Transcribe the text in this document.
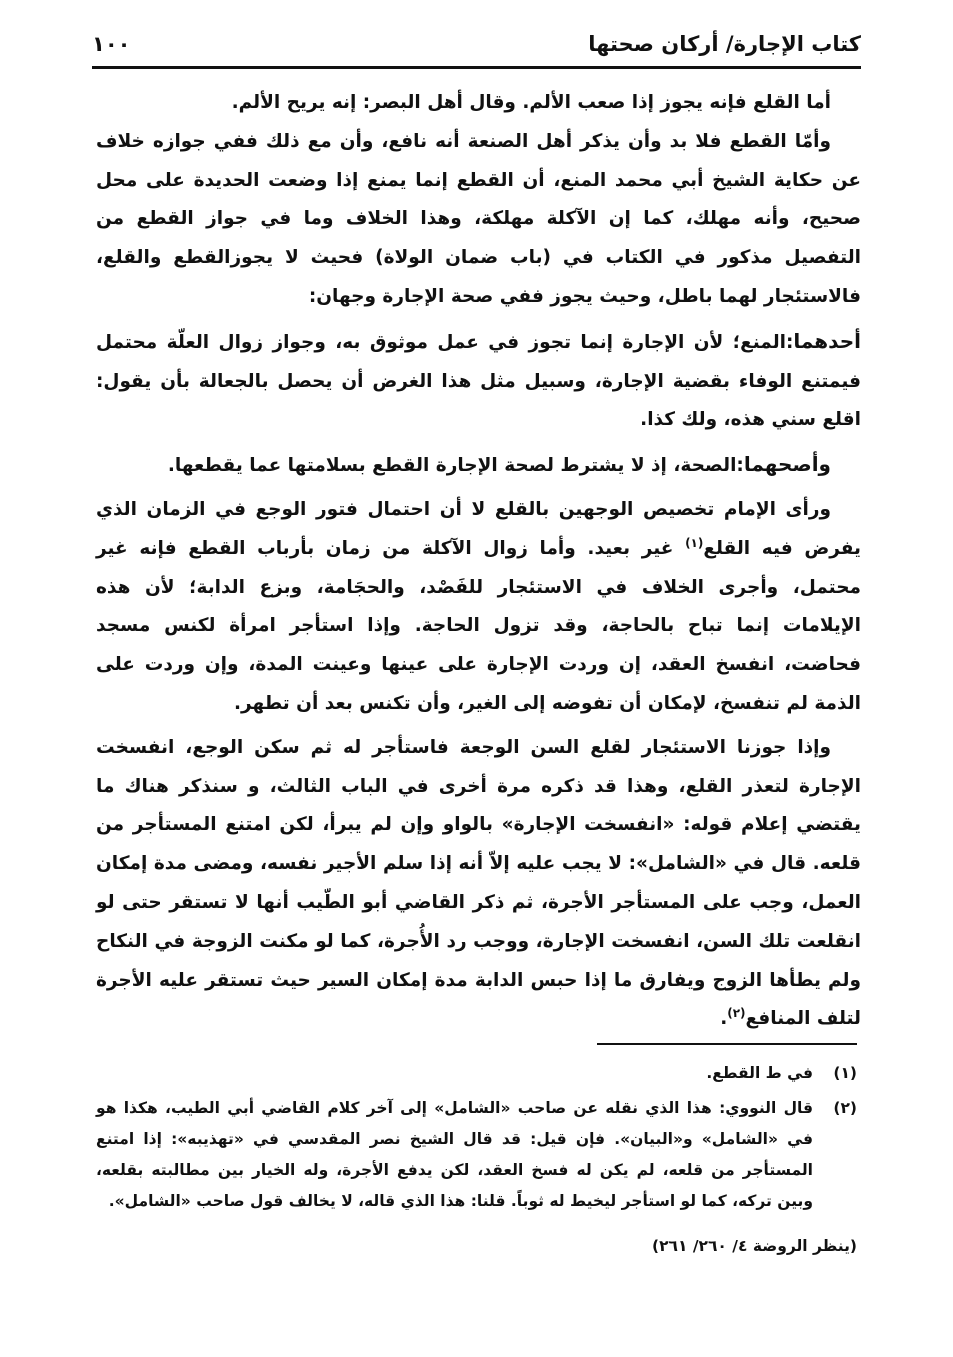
كتاب الإجارة/ أركان صحتها
١٠٠

أما القلع فإنه يجوز إذا صعب الألم. وقال أهل البصر: إنه يريح الألم.

وأمّا القطع فلا بد وأن يذكر أهل الصنعة أنه نافع، وأن مع ذلك ففي جوازه خلاف عن حكاية الشيخ أبي محمد المنع، أن القطع إنما يمنع إذا وضعت الحديدة على محل صحيح، وأنه مهلك، كما إن الآكلة مهلكة، وهذا الخلاف وما في جواز القطع من التفصيل مذكور في الكتاب في (باب ضمان الولاة) فحيث لا يجوزالقطع والقلع، فالاستئجار لهما باطل، وحيث يجوز ففي صحة الإجارة وجهان:

أحدهما:المنع؛ لأن الإجارة إنما تجوز في عمل موثوق به، وجواز زوال العلّة محتمل فيمتنع الوفاء بقضية الإجارة، وسبيل مثل هذا الغرض أن يحصل بالجعالة بأن يقول: اقلع سني هذه، ولك كذا.

وأصحهما:الصحة، إذ لا يشترط لصحة الإجارة القطع بسلامتها عما يقطعها.

ورأى الإمام تخصيص الوجهين بالقلع لا أن احتمال فتور الوجع في الزمان الذي يفرض فيه القلع$^{(١)}$ غير بعيد. وأما زوال الآكلة من زمان بأرباب القطع فإنه غير محتمل، وأجرى الخلاف في الاستئجار للفَصْد، والحجَامة، وبزع الدابة؛ لأن هذه الإيلامات إنما تباح بالحاجة، وقد تزول الحاجة. وإذا استأجر امرأة لكنس مسجد فحاضت، انفسخ العقد، إن وردت الإجارة على عينها وعينت المدة، وإن وردت على الذمة لم تنفسخ، لإمكان أن تفوضه إلى الغير، وأن تكنس بعد أن تطهر.

وإذا جوزنا الاستئجار لقلع السن الوجعة فاستأجر له ثم سكن الوجع، انفسخت الإجارة لتعذر القلع، وهذا قد ذكره مرة أخرى في الباب الثالث، و سنذكر هناك ما يقتضي إعلام قوله: «انفسخت الإجارة» بالواو وإن لم يبرأ، لكن امتنع المستأجر من قلعه. قال في «الشامل»: لا يجب عليه إلاّ أنه إذا سلم الأجير نفسه، ومضى مدة إمكان العمل، وجب على المستأجر الأجرة، ثم ذكر القاضي أبو الطّيب أنها لا تستقر حتى لو انقلعت تلك السن، انفسخت الإجارة، ووجب رد الأُجرة، كما لو مكنت الزوجة في النكاح ولم يطأها الزوج ويفارق ما إذا حبس الدابة مدة إمكان السير حيث تستقر عليه الأجرة لتلف المنافع$^{(٢)}$.

(١)
في ط القطع.
(٢)
قال النووي: هذا الذي نقله عن صاحب «الشامل» إلى آخر كلام القاضي أبي الطيب، هكذا هو في «الشامل» و«البيان». فإن قيل: قد قال الشيخ نصر المقدسي في «تهذيبه»: إذا امتنع المستأجر من قلعه، لم يكن له فسخ العقد، لكن يدفع الأجرة، وله الخيار بين مطالبته بقلعه، وبين تركه، كما لو استأجر ليخيط له ثوباً. قلنا: هذا الذي قاله، لا يخالف قول صاحب «الشامل».
(ينظر الروضة ٤/ ٢٦٠/ ٢٦١)
